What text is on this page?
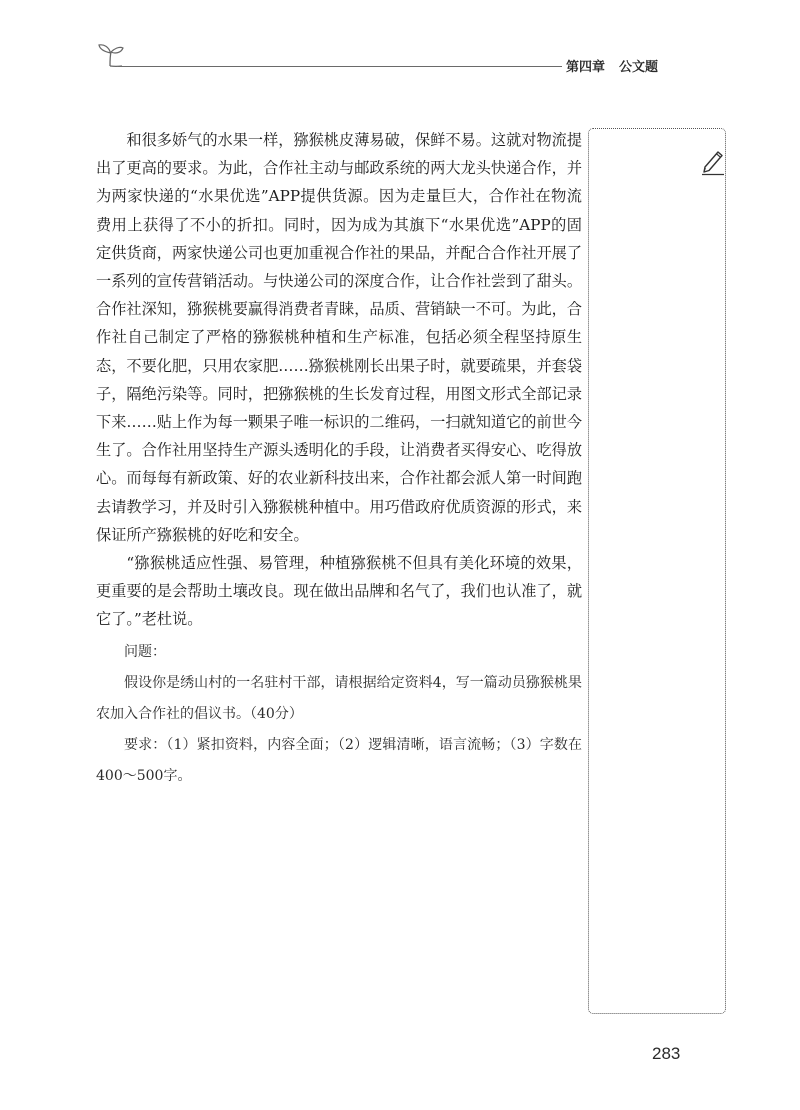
第四章 公文题

和很多娇气的水果一样，猕猴桃皮薄易破，保鲜不易。这就对物流提出了更高的要求。为此，合作社主动与邮政系统的两大龙头快递合作，并为两家快递的“水果优选”APP提供货源。因为走量巨大，合作社在物流费用上获得了不小的折扣。同时，因为成为其旗下“水果优选”APP的固定供货商，两家快递公司也更加重视合作社的果品，并配合合作社开展了一系列的宣传营销活动。与快递公司的深度合作，让合作社尝到了甜头。合作社深知，猕猴桃要赢得消费者青睐，品质、营销缺一不可。为此，合作社自己制定了严格的猕猴桃种植和生产标准，包括必须全程坚持原生态，不要化肥，只用农家肥……猕猴桃刚长出果子时，就要疏果，并套袋子，隔绝污染等。同时，把猕猴桃的生长发育过程，用图文形式全部记录下来……贴上作为每一颗果子唯一标识的二维码，一扫就知道它的前世今生了。合作社用坚持生产源头透明化的手段，让消费者买得安心、吃得放心。而每每有新政策、好的农业新科技出来，合作社都会派人第一时间跑去请教学习，并及时引入猕猴桃种植中。用巧借政府优质资源的形式，来保证所产猕猴桃的好吃和安全。

“猕猴桃适应性强、易管理，种植猕猴桃不但具有美化环境的效果，更重要的是会帮助土壤改良。现在做出品牌和名气了，我们也认准了，就它了。”老杜说。

问题：

假设你是绣山村的一名驻村干部，请根据给定资料4，写一篇动员猕猴桃果农加入合作社的倡议书。（40分）

要求：（1）紧扣资料，内容全面；（2）逻辑清晰，语言流畅；（3）字数在400～500字。

283
